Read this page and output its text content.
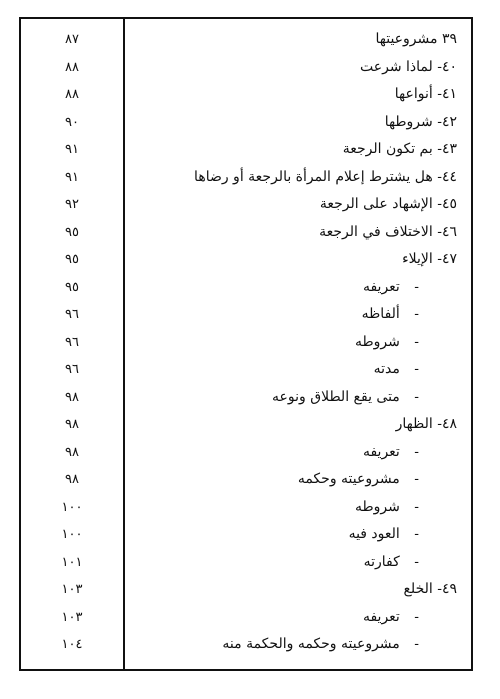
٨٧	٣٩ مشروعيتها
٨٨	٤٠- لماذا شرعت
٨٨	٤١- أنواعها
٩٠	٤٢- شروطها
٩١	٤٣- بم تكون الرجعة
٩١	٤٤- هل يشترط إعلام المرأة بالرجعة أو رضاها
٩٢	٤٥- الإشهاد على الرجعة
٩٥	٤٦- الاختلاف في الرجعة
٩٥	٤٧- الإيلاء
٩٥	- تعريفه
٩٦	- ألفاظه
٩٦	- شروطه
٩٦	- مدته
٩٨	- متى يقع الطلاق ونوعه
٩٨	٤٨- الظهار
٩٨	- تعريفه
٩٨	- مشروعيته وحكمه
١٠٠	- شروطه
١٠٠	- العود فيه
١٠١	- كفارته
١٠٣	٤٩- الخلع
١٠٣	- تعريفه
١٠٤	- مشروعيته وحكمه والحكمة منه
